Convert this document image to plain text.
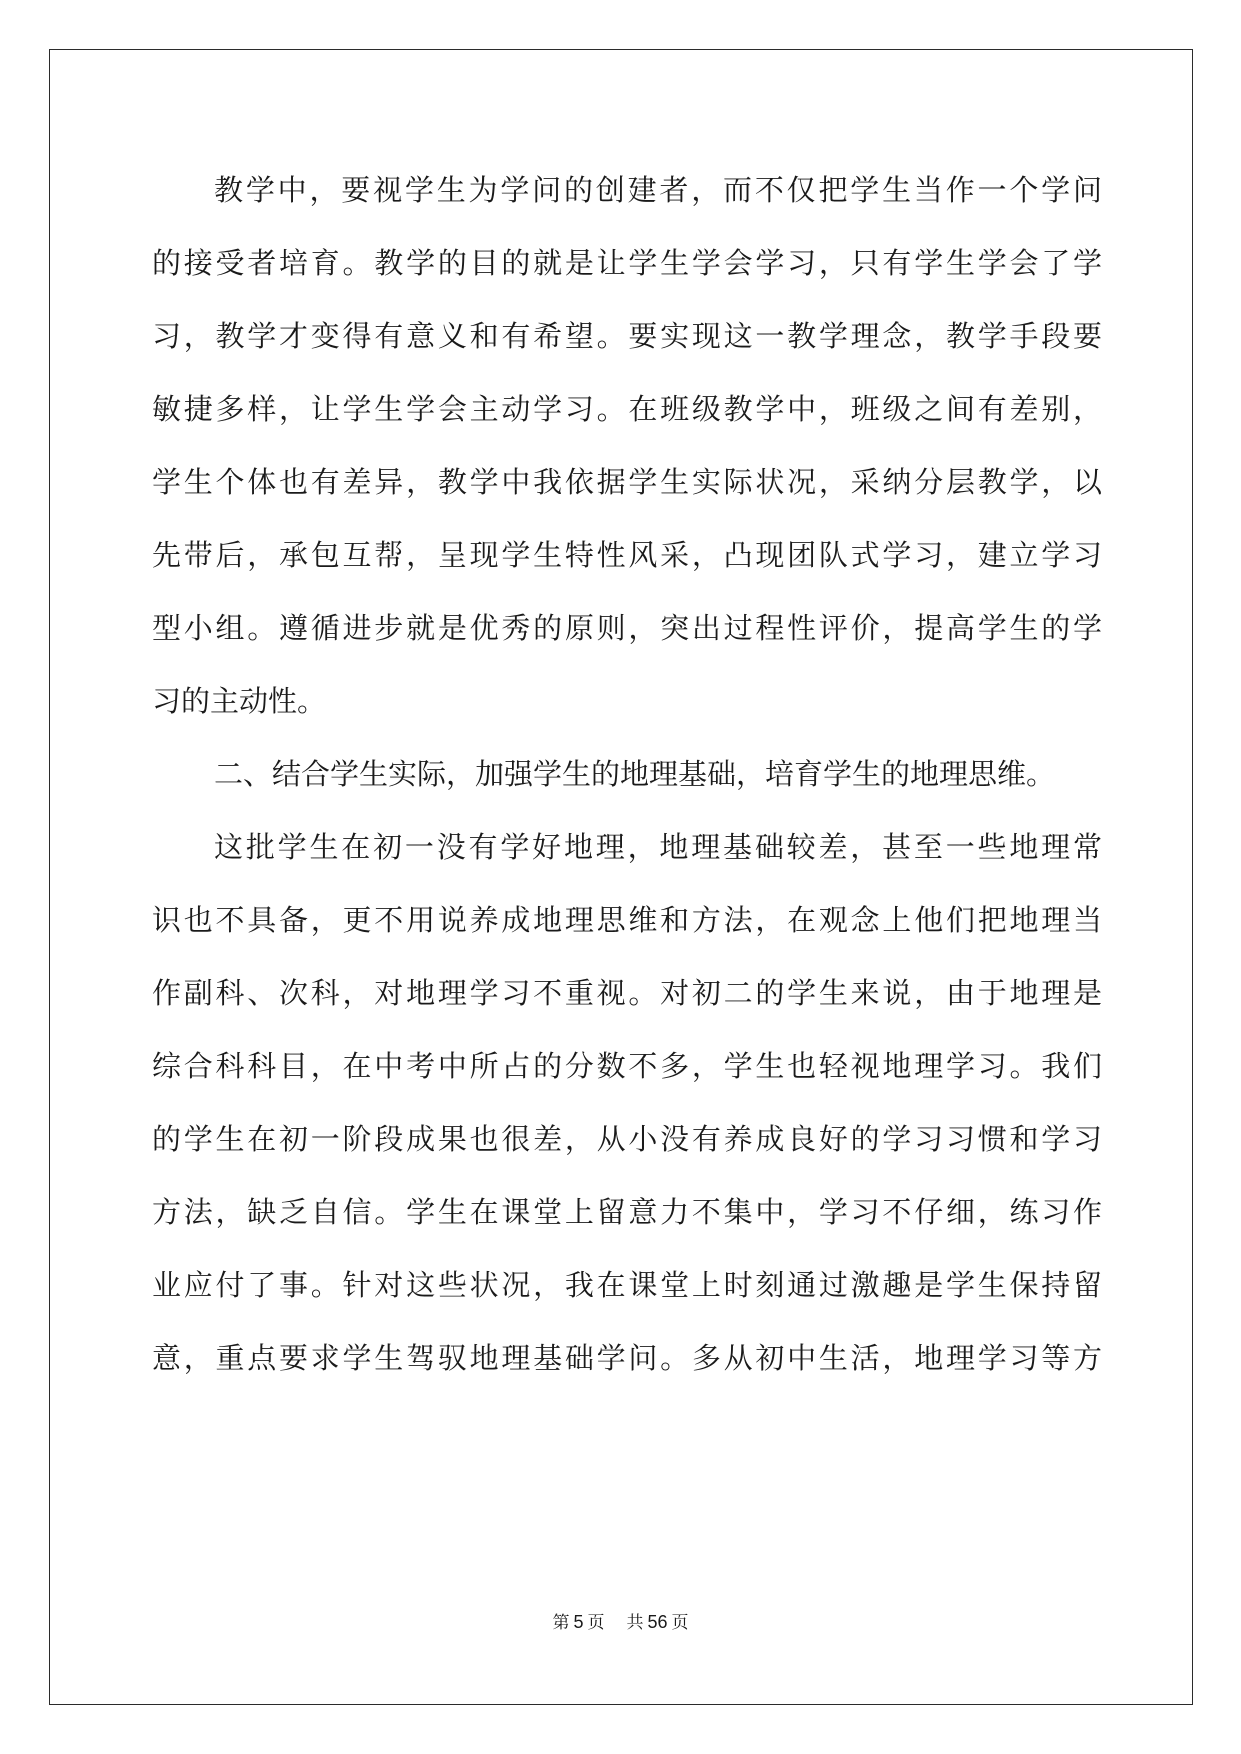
教学中，要视学生为学问的创建者，而不仅把学生当作一个学问
的接受者培育。教学的目的就是让学生学会学习，只有学生学会了学
习，教学才变得有意义和有希望。要实现这一教学理念，教学手段要
敏捷多样，让学生学会主动学习。在班级教学中，班级之间有差别，
学生个体也有差异，教学中我依据学生实际状况，采纳分层教学，以
先带后，承包互帮，呈现学生特性风采，凸现团队式学习，建立学习
型小组。遵循进步就是优秀的原则，突出过程性评价，提高学生的学
习的主动性。
二、结合学生实际，加强学生的地理基础，培育学生的地理思维。
这批学生在初一没有学好地理，地理基础较差，甚至一些地理常
识也不具备，更不用说养成地理思维和方法，在观念上他们把地理当
作副科、次科，对地理学习不重视。对初二的学生来说，由于地理是
综合科科目，在中考中所占的分数不多，学生也轻视地理学习。我们
的学生在初一阶段成果也很差，从小没有养成良好的学习习惯和学习
方法，缺乏自信。学生在课堂上留意力不集中，学习不仔细，练习作
业应付了事。针对这些状况，我在课堂上时刻通过激趣是学生保持留
意，重点要求学生驾驭地理基础学问。多从初中生活，地理学习等方
第 5 页 共 56 页
